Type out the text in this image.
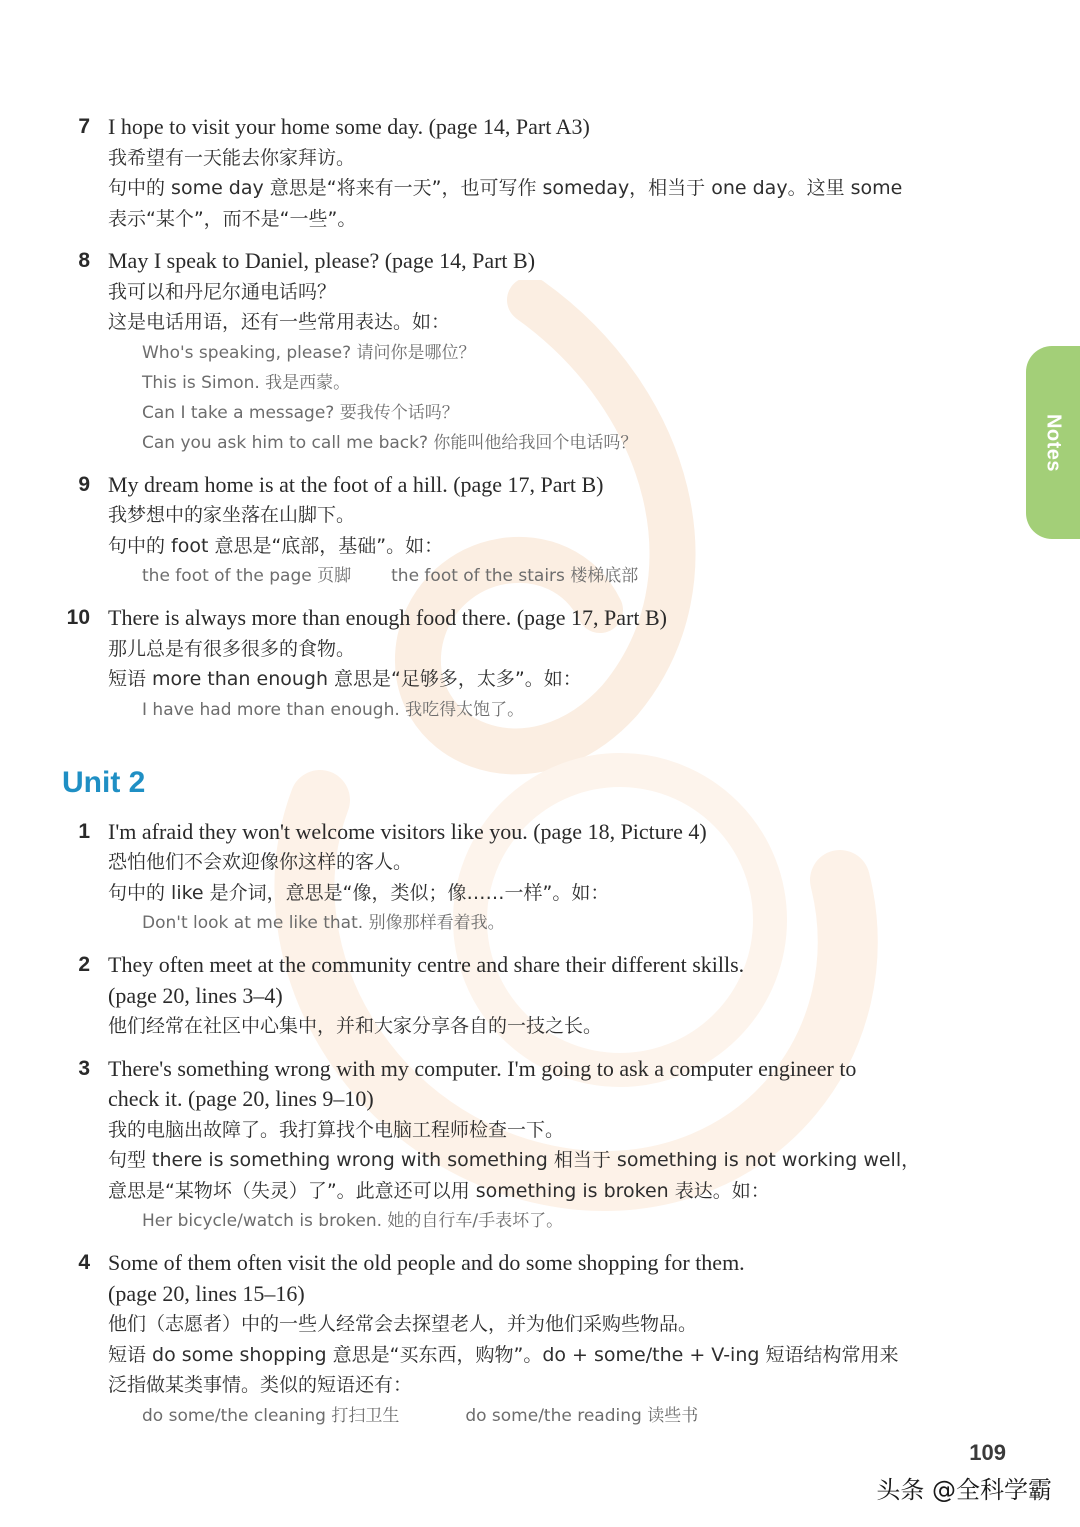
Notes
7 I hope to visit your home some day. (page 14, Part A3)
我希望有一天能去你家拜访。
句中的 some day 意思是“将来有一天”，也可写作 someday，相当于 one day。这里 some
表示“某个”，而不是“一些”。
8 May I speak to Daniel, please? (page 14, Part B)
我可以和丹尼尔通电话吗？
这是电话用语，还有一些常用表达。如：
Who's speaking, please? 请问你是哪位？
This is Simon. 我是西蒙。
Can I take a message? 要我传个话吗？
Can you ask him to call me back? 你能叫他给我回个电话吗？
9 My dream home is at the foot of a hill. (page 17, Part B)
我梦想中的家坐落在山脚下。
句中的 foot 意思是“底部，基础”。如：
the foot of the page 页脚 the foot of the stairs 楼梯底部
10 There is always more than enough food there. (page 17, Part B)
那儿总是有很多很多的食物。
短语 more than enough 意思是“足够多，太多”。如：
I have had more than enough. 我吃得太饱了。
Unit 2
1 I'm afraid they won't welcome visitors like you. (page 18, Picture 4)
恐怕他们不会欢迎像你这样的客人。
句中的 like 是介词，意思是“像，类似；像……一样”。如：
Don't look at me like that. 别像那样看着我。
2 They often meet at the community centre and share their different skills.
(page 20, lines 3–4)
他们经常在社区中心集中，并和大家分享各自的一技之长。
3 There's something wrong with my computer. I'm going to ask a computer engineer to
check it. (page 20, lines 9–10)
我的电脑出故障了。我打算找个电脑工程师检查一下。
句型 there is something wrong with something 相当于 something is not working well，
意思是“某物坏（失灵）了”。此意还可以用 something is broken 表达。如：
Her bicycle/watch is broken. 她的自行车/手表坏了。
4 Some of them often visit the old people and do some shopping for them.
(page 20, lines 15–16)
他们（志愿者）中的一些人经常会去探望老人，并为他们采购些物品。
短语 do some shopping 意思是“买东西，购物”。do + some/the + V-ing 短语结构常用来
泛指做某类事情。类似的短语还有：
do some/the cleaning 打扫卫生	do some/the reading 读些书
109
头条 @全科学霸
